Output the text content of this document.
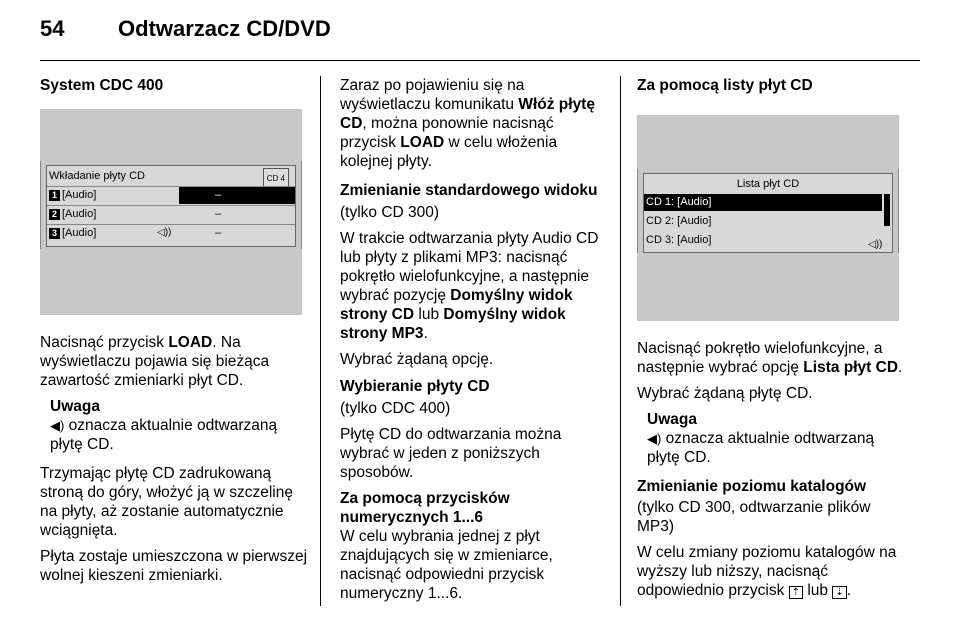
54 Odtwarzacz CD/DVD
System CDC 400
Wkładanie płyty CD	CD 4
1 [Audio]	–
2 [Audio]	–
3 [Audio]	◁))	–

Nacisnąć przycisk LOAD. Na wyświetlaczu pojawia się bieżąca zawartość zmieniarki płyt CD.

Uwaga
◀) oznacza aktualnie odtwarzaną płytę CD.

Trzymając płytę CD zadrukowaną stroną do góry, włożyć ją w szczelinę na płyty, aż zostanie automatycznie wciągnięta.

Płyta zostaje umieszczona w pierwszej wolnej kieszeni zmieniarki.

Zaraz po pojawieniu się na wyświetlaczu komunikatu Włóż płytę CD, można ponownie nacisnąć przycisk LOAD w celu włożenia kolejnej płyty.

Zmienianie standardowego widoku

(tylko CD 300)

W trakcie odtwarzania płyty Audio CD lub płyty z plikami MP3: nacisnąć pokrętło wielofunkcyjne, a następnie wybrać pozycję Domyślny widok strony CD lub Domyślny widok strony MP3.

Wybrać żądaną opcję.

Wybieranie płyty CD

(tylko CDC 400)

Płytę CD do odtwarzania można wybrać w jeden z poniższych sposobów.

Za pomocą przycisków numerycznych 1...6

W celu wybrania jednej z płyt znajdujących się w zmieniarce, nacisnąć odpowiedni przycisk numeryczny 1...6.

Za pomocą listy płyt CD
Lista płyt CD
CD 1: [Audio]
CD 2: [Audio]
CD 3: [Audio]	◁))

Nacisnąć pokrętło wielofunkcyjne, a następnie wybrać opcję Lista płyt CD.

Wybrać żądaną płytę CD.

Uwaga
◀) oznacza aktualnie odtwarzaną płytę CD.
Zmienianie poziomu katalogów

(tylko CD 300, odtwarzanie plików MP3)

W celu zmiany poziomu katalogów na wyższy lub niższy, nacisnąć odpowiednio przycisk ⇡ lub ⇣ .
